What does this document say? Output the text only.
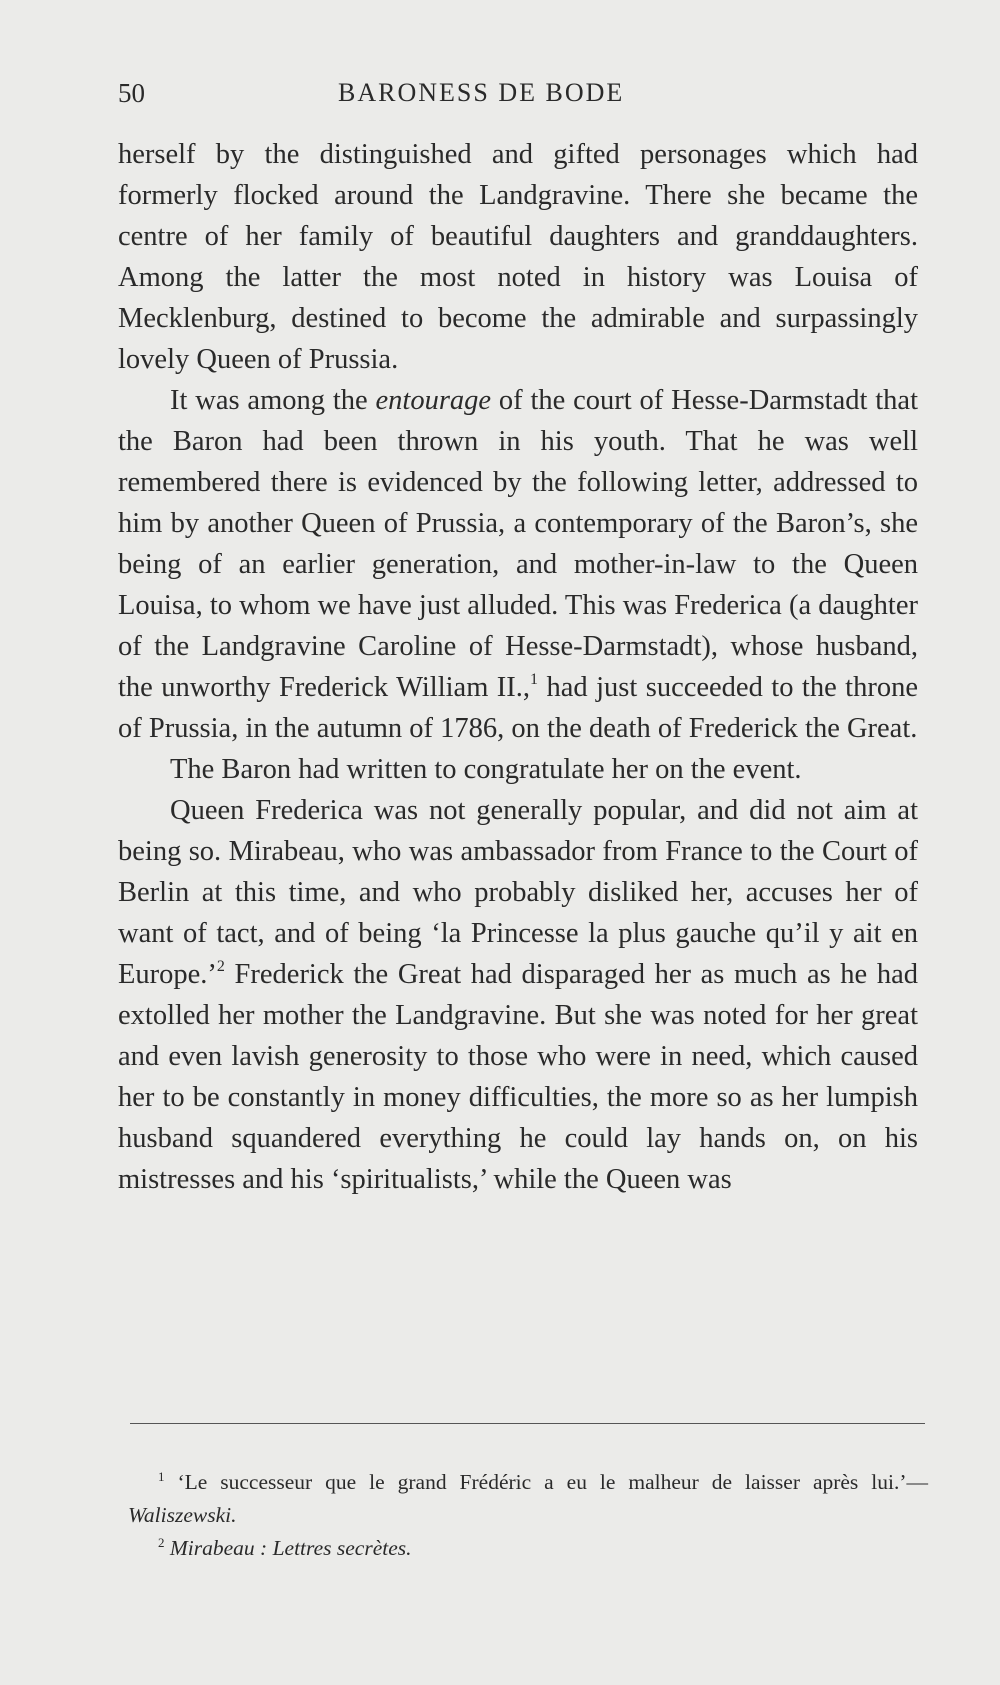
50	BARONESS DE BODE

herself by the distinguished and gifted personages which had formerly flocked around the Landgravine. There she became the centre of her family of beautiful daughters and granddaughters. Among the latter the most noted in history was Louisa of Mecklenburg, destined to become the admirable and surpassingly lovely Queen of Prussia.

It was among the entourage of the court of Hesse-Darmstadt that the Baron had been thrown in his youth. That he was well remembered there is evidenced by the following letter, addressed to him by another Queen of Prussia, a contemporary of the Baron’s, she being of an earlier generation, and mother-in-law to the Queen Louisa, to whom we have just alluded. This was Frederica (a daughter of the Landgravine Caroline of Hesse-Darmstadt), whose husband, the unworthy Frederick William II.,$^1$ had just succeeded to the throne of Prussia, in the autumn of 1786, on the death of Frederick the Great.

The Baron had written to congratulate her on the event.

Queen Frederica was not generally popular, and did not aim at being so. Mirabeau, who was ambassador from France to the Court of Berlin at this time, and who probably disliked her, accuses her of want of tact, and of being ‘la Princesse la plus gauche qu’il y ait en Europe.’$^2$ Frederick the Great had disparaged her as much as he had extolled her mother the Landgravine. But she was noted for her great and even lavish generosity to those who were in need, which caused her to be constantly in money difficulties, the more so as her lumpish husband squandered everything he could lay hands on, on his mistresses and his ‘spiritualists,’ while the Queen was

$^1$ ‘Le successeur que le grand Frédéric a eu le malheur de laisser après lui.’—Waliszewski.

$^2$ Mirabeau : Lettres secrètes.
